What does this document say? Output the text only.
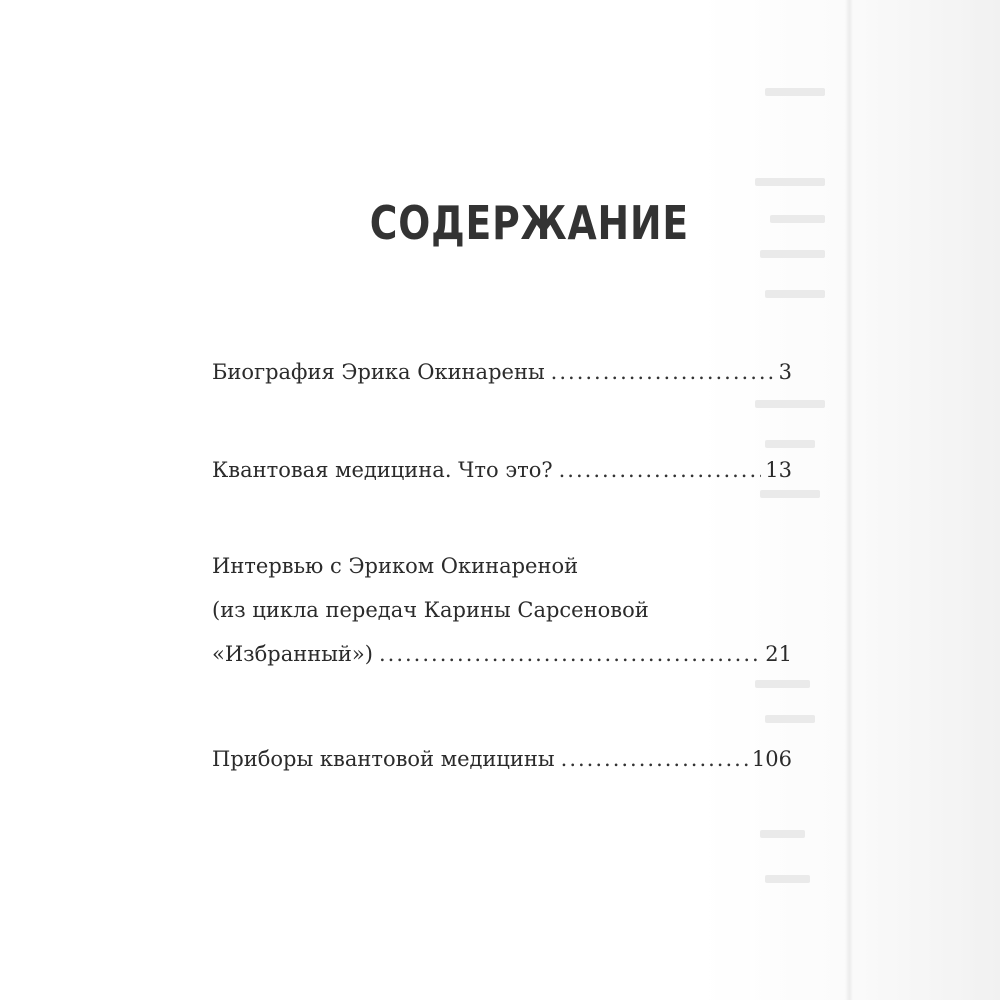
СОДЕРЖАНИЕ
Биография Эрика Окинарены .....	3
Квантовая медицина. Что это? .....	13
Интервью с Эриком Окинареной
(из цикла передач Карины Сарсеновой
«Избранный») .....	21
Приборы квантовой медицины .....	106
